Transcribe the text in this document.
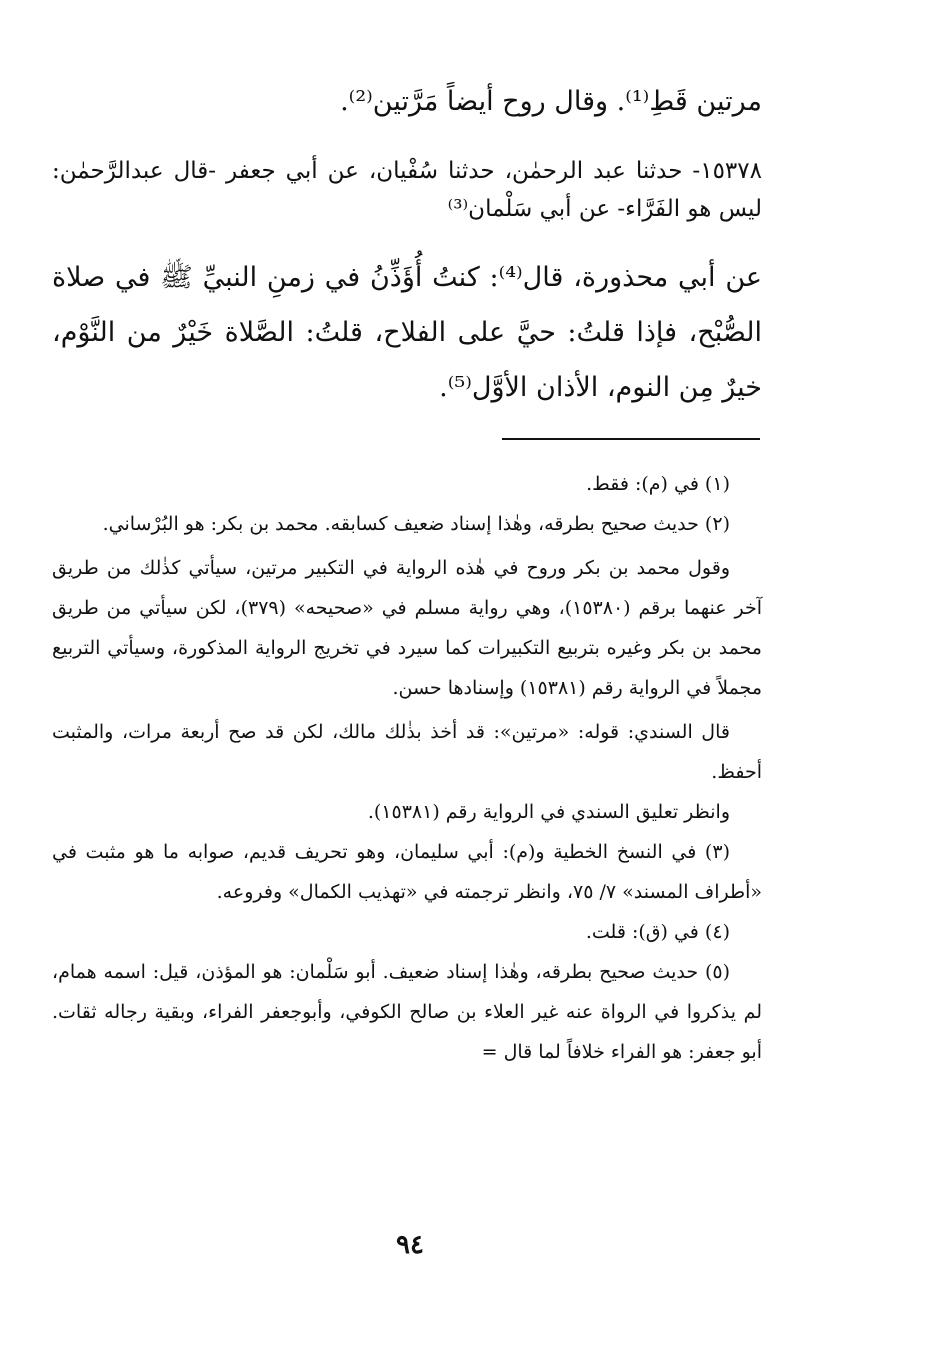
مرتين قَطِ⁽¹⁾. وقال روح أيضاً مَرَّتين⁽²⁾.
١٥٣٧٨- حدثنا عبد الرحمٰن، حدثنا سُفْيان، عن أبي جعفر -قال عبدالرَّحمٰن: ليس هو الفَرَّاء- عن أبي سَلْمان⁽³⁾
عن أبي محذورة، قال⁽⁴⁾: كنتُ أُؤَذِّنُ في زمنِ النبيِّ ﷺ في صلاة الصُّبْح، فإذا قلتُ: حيَّ على الفلاح، قلتُ: الصَّلاة خَيْرٌ من النَّوْم، خيرٌ مِن النوم، الأذان الأوَّل⁽⁵⁾.

(١) في (م): فقط.

(٢) حديث صحيح بطرقه، وهٰذا إسناد ضعيف كسابقه. محمد بن بكر: هو البُرْساني.

وقول محمد بن بكر وروح في هٰذه الرواية في التكبير مرتين، سيأتي كذٰلك من طريق آخر عنهما برقم (١٥٣٨٠)، وهي رواية مسلم في «صحيحه» (٣٧٩)، لكن سيأتي من طريق محمد بن بكر وغيره بتربيع التكبيرات كما سيرد في تخريج الرواية المذكورة، وسيأتي التربيع مجملاً في الرواية رقم (١٥٣٨١) وإسنادها حسن.

قال السندي: قوله: «مرتين»: قد أخذ بذٰلك مالك، لكن قد صح أربعة مرات، والمثبت أحفظ.

وانظر تعليق السندي في الرواية رقم (١٥٣٨١).

(٣) في النسخ الخطية و(م): أبي سليمان، وهو تحريف قديم، صوابه ما هو مثبت في «أطراف المسند» ٧/ ٧٥، وانظر ترجمته في «تهذيب الكمال» وفروعه.

(٤) في (ق): قلت.

(٥) حديث صحيح بطرقه، وهٰذا إسناد ضعيف. أبو سَلْمان: هو المؤذن، قيل: اسمه همام، لم يذكروا في الرواة عنه غير العلاء بن صالح الكوفي، وأبوجعفر الفراء، وبقية رجاله ثقات. أبو جعفر: هو الفراء خلافاً لما قال =

٩٤
